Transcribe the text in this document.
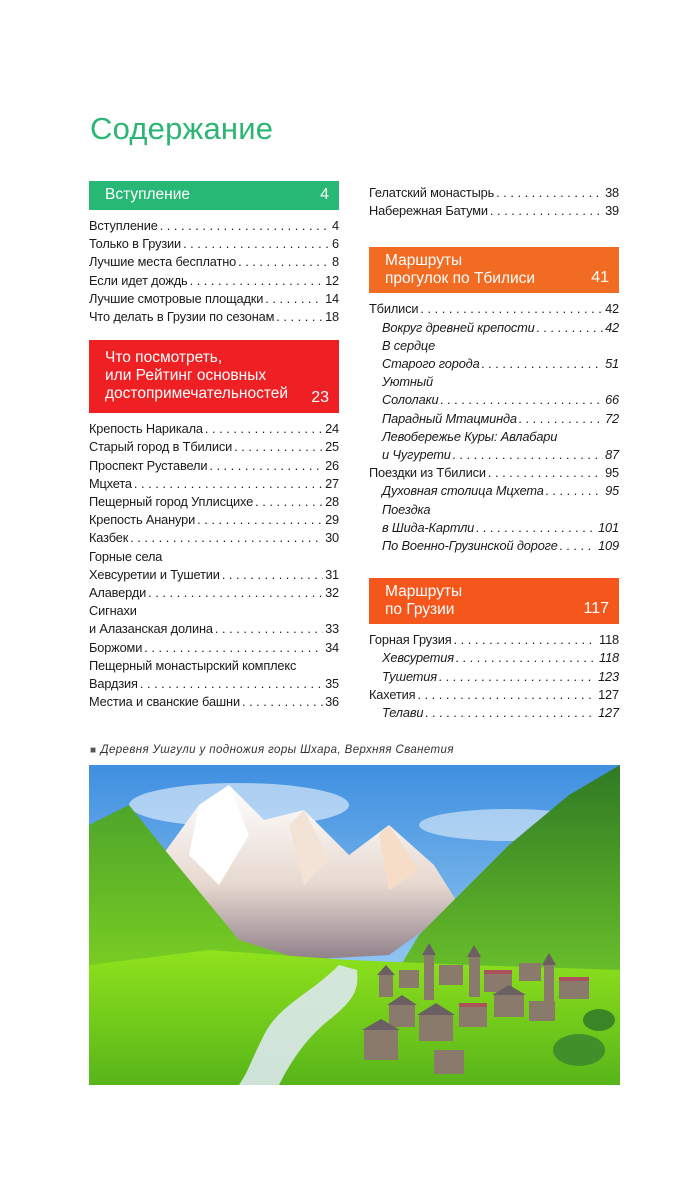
Содержание
Вступление	4
Вступление . . .	4
Только в Грузии . . .	6
Лучшие места бесплатно . . .	8
Если идет дождь . . .	12
Лучшие смотровые площадки . . .	14
Что делать в Грузии по сезонам . . .	18
Что посмотреть,
или Рейтинг основных
достопримечательностей	23
Крепость Нарикала . . .	24
Старый город в Тбилиси . . .	25
Проспект Руставели . . .	26
Мцхета . . .	27
Пещерный город Уплисцихе . . .	28
Крепость Ананури . . .	29
Казбек . . .	30
Горные села
Хевсуретии и Тушетии . . .	31
Алаверди . . .	32
Сигнахи
и Алазанская долина . . .	33
Боржоми . . .	34
Пещерный монастырский комплекс
Вардзия . . .	35
Местиа и сванские башни . . .	36
Гелатский монастырь . . .	38
Набережная Батуми . . .	39
Маршруты
прогулок по Тбилиси	41
Тбилиси . . .	42
Вокруг древней крепости . . .	42
В сердце
Старого города . . .	51
Уютный
Сололаки . . .	66
Парадный Мтацминда . . .	72
Левобережье Куры: Авлабари
и Чугурети . . .	87
Поездки из Тбилиси . . .	95
Духовная столица Мцхета . . .	95
Поездка
в Шида-Картли . . .	101
По Военно-Грузинской дороге . . .	109
Маршруты
по Грузии	117
Горная Грузия . . .	118
Хевсуретия . . .	118
Тушетия . . .	123
Кахетия . . .	127
Телави . . .	127
■ Деревня Ушгули у подножия горы Шхара, Верхняя Сванетия
